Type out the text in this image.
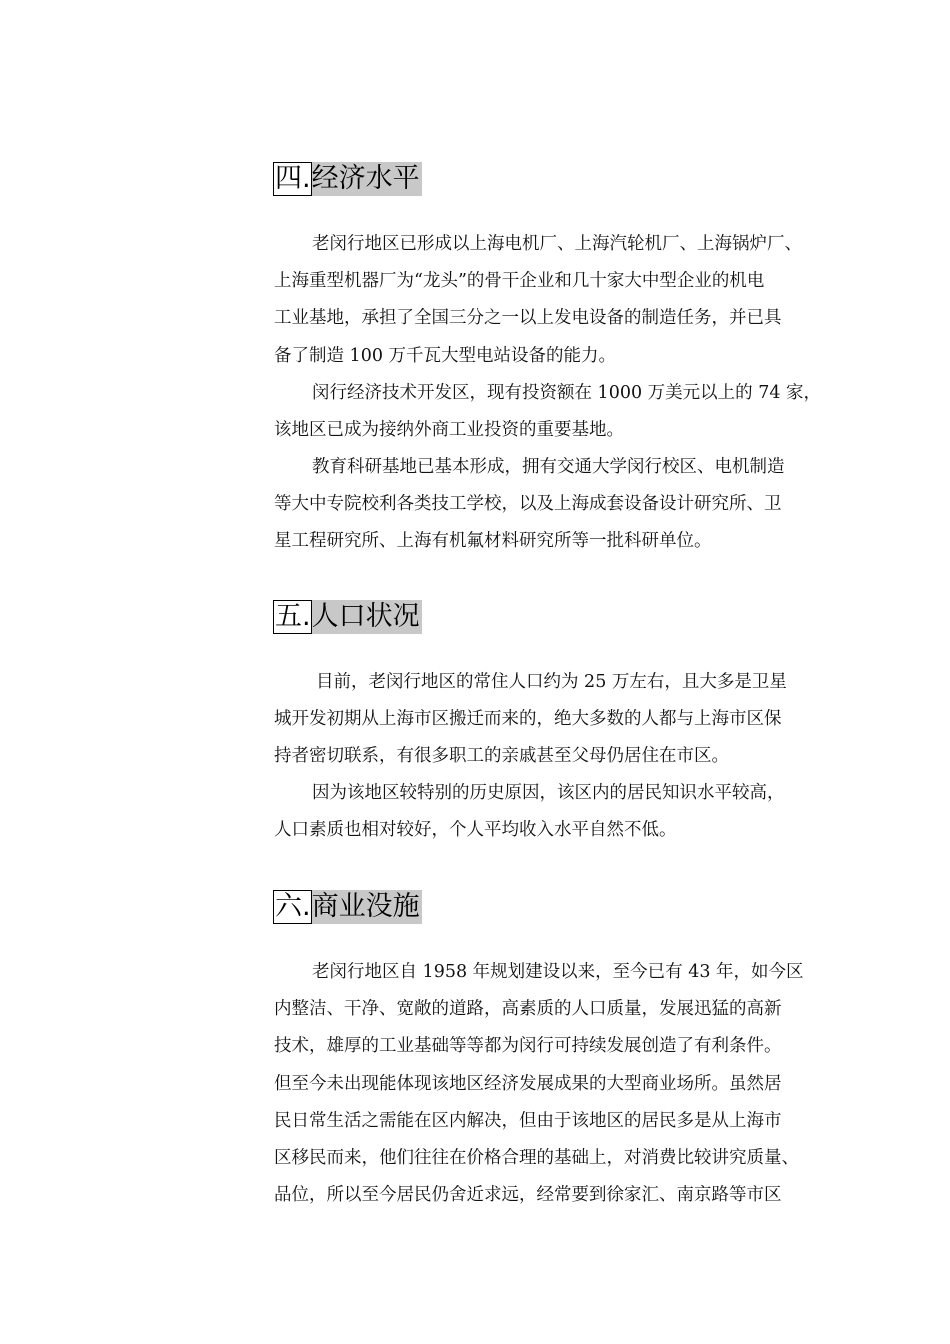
四. 经济水平

老闵行地区已形成以上海电机厂、上海汽轮机厂、上海锅炉厂、
上海重型机器厂为“龙头”的骨干企业和几十家大中型企业的机电
工业基地，承担了全国三分之一以上发电设备的制造任务，并已具
备了制造 100 万千瓦大型电站设备的能力。

闵行经济技术开发区，现有投资额在 1000 万美元以上的 74 家，
该地区已成为接纳外商工业投资的重要基地。

教育科研基地已基本形成，拥有交通大学闵行校区、电机制造
等大中专院校利各类技工学校，以及上海成套设备设计研究所、卫
星工程研究所、上海有机氟材料研究所等一批科研单位。

五. 人口状况

目前，老闵行地区的常住人口约为 25 万左右，且大多是卫星
城开发初期从上海市区搬迁而来的，绝大多数的人都与上海市区保
持者密切联系，有很多职工的亲戚甚至父母仍居住在市区。

因为该地区较特别的历史原因，该区内的居民知识水平较高，
人口素质也相对较好，个人平均收入水平自然不低。

六. 商业没施

老闵行地区自 1958 年规划建设以来，至今已有 43 年，如今区
内整洁、干净、宽敞的道路，高素质的人口质量，发展迅猛的高新
技术，雄厚的工业基础等等都为闵行可持续发展创造了有利条件。
但至今未出现能体现该地区经济发展成果的大型商业场所。虽然居
民日常生活之需能在区内解决，但由于该地区的居民多是从上海市
区移民而来，他们往往在价格合理的基础上，对消费比较讲究质量、
品位，所以至今居民仍舍近求远，经常要到徐家汇、南京路等市区
